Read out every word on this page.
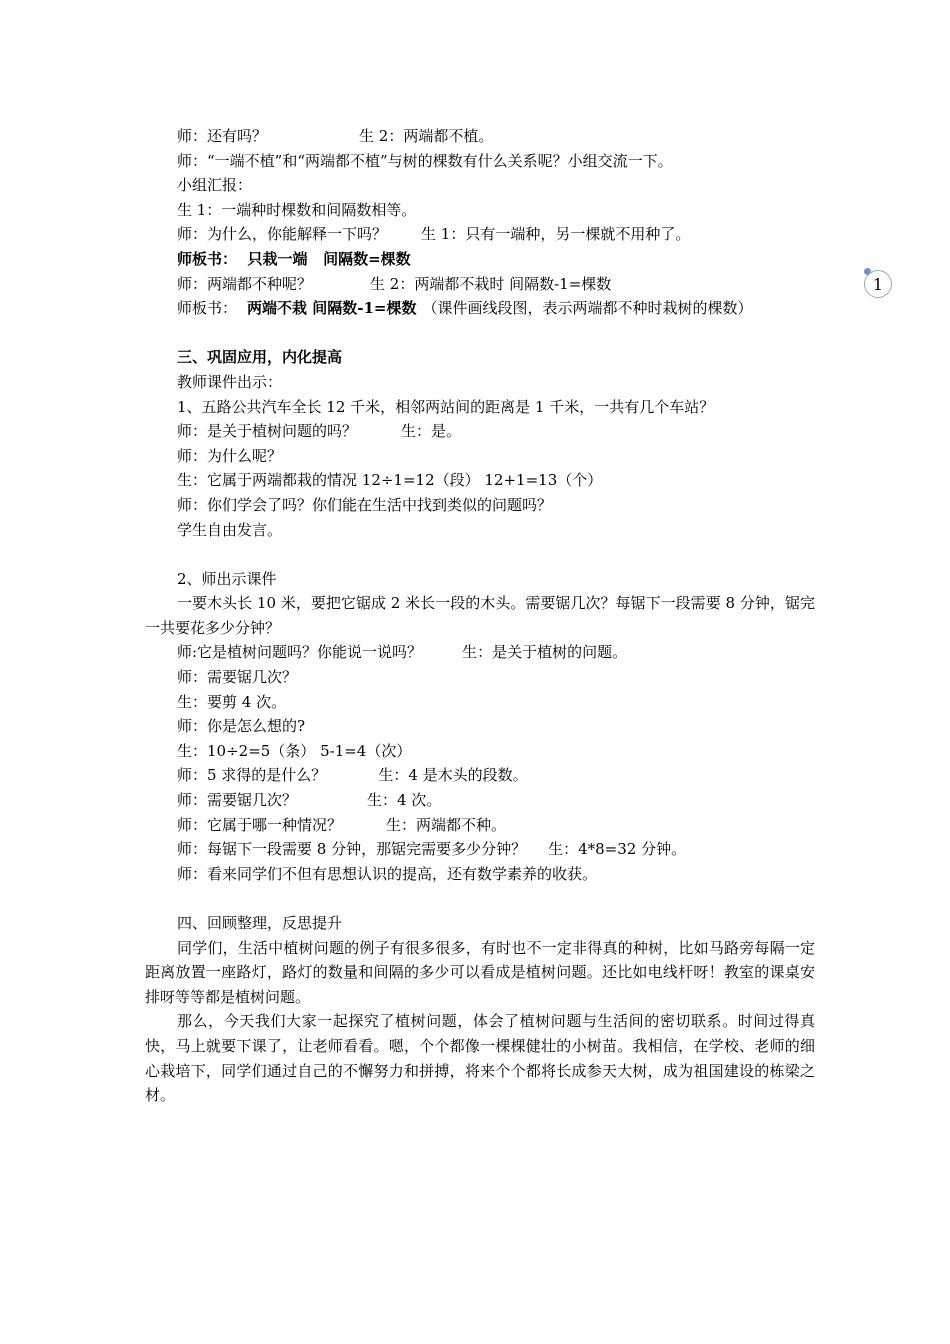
1
师：还有吗？	生 2：两端都不植。
师：“一端不植”和“两端都不植”与树的棵数有什么关系呢？小组交流一下。
小组汇报：
生 1：一端种时棵数和间隔数相等。
师：为什么，你能解释一下吗？ 生 1：只有一端种，另一棵就不用种了。
师板书：  只栽一端   间隔数=棵数
师：两端都不种呢？	生 2：两端都不栽时 间隔数-1=棵数
师板书： 两端不栽 间隔数-1=棵数 （课件画线段图，表示两端都不种时栽树的棵数）
三、巩固应用，内化提高
教师课件出示：
1、五路公共汽车全长 12 千米，相邻两站间的距离是 1 千米，一共有几个车站？
师：是关于植树问题的吗？	生：是。
师：为什么呢？
生：它属于两端都栽的情况 12÷1=12（段） 12+1=13（个）
师：你们学会了吗？你们能在生活中找到类似的问题吗？
学生自由发言。
2、师出示课件
一要木头长 10 米，要把它锯成 2 米长一段的木头。需要锯几次？每锯下一段需要 8 分钟，锯完一共要花多少分钟？
师:它是植树问题吗？你能说一说吗？	生：是关于植树的问题。
师：需要锯几次？
生：要剪 4 次。
师：你是怎么想的?
生：10÷2=5（条） 5-1=4（次）
师：5 求得的是什么？	生：4 是木头的段数。
师：需要锯几次？	生：4 次。
师：它属于哪一种情况？	生：两端都不种。
师：每锯下一段需要 8 分钟，那锯完需要多少分钟？ 生：4*8=32 分钟。
师：看来同学们不但有思想认识的提高，还有数学素养的收获。
四、回顾整理，反思提升
同学们，生活中植树问题的例子有很多很多，有时也不一定非得真的种树，比如马路旁每隔一定距离放置一座路灯，路灯的数量和间隔的多少可以看成是植树问题。还比如电线杆呀！教室的课桌安排呀等等都是植树问题。
那么，今天我们大家一起探究了植树问题，体会了植树问题与生活间的密切联系。时间过得真快，马上就要下课了，让老师看看。嗯，个个都像一棵棵健壮的小树苗。我相信，在学校、老师的细心栽培下，同学们通过自己的不懈努力和拼搏，将来个个都将长成参天大树，成为祖国建设的栋梁之材。
